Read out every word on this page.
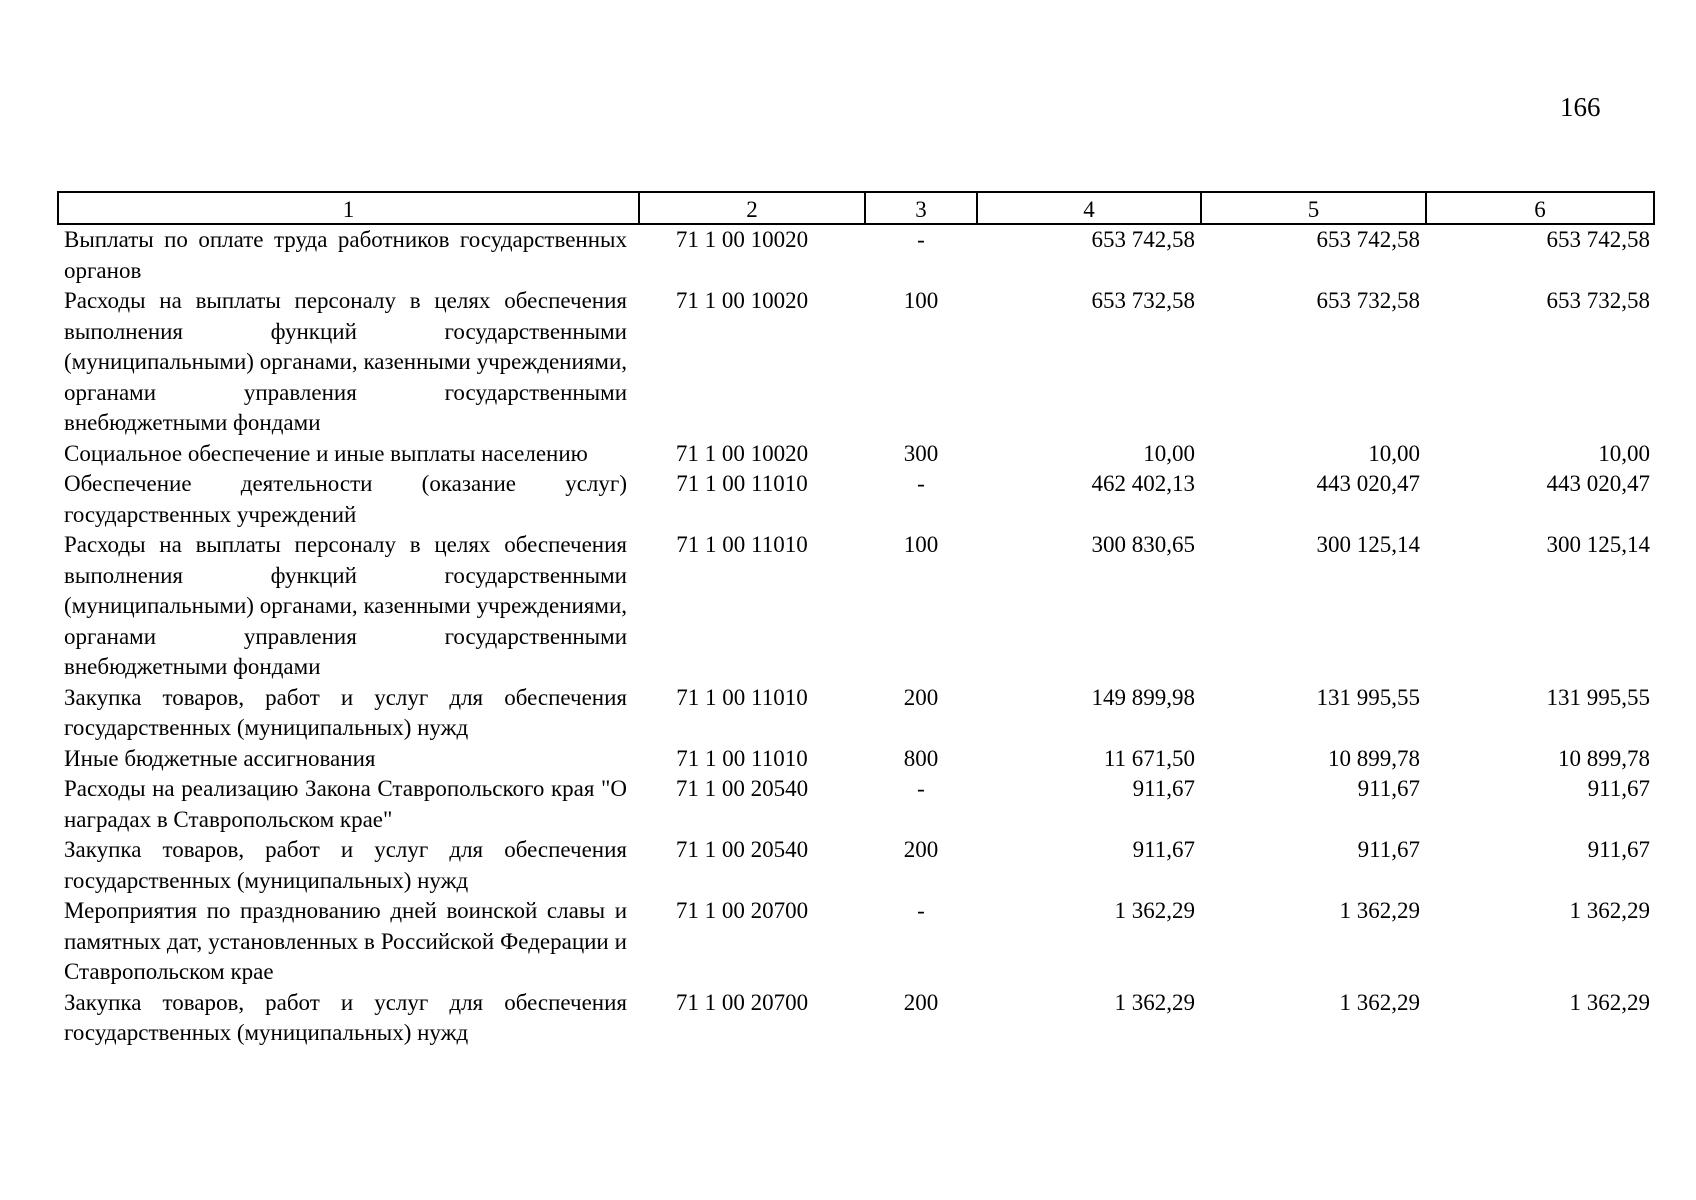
166
1	2	3	4	5	6

Выплаты по оплате труда работников государственных органов	71 1 00 10020	-	653 742,58	653 742,58	653 742,58

Расходы на выплаты персоналу в целях обеспечения выполнения функций государственными (муниципальными) органами, казенными учреждениями, органами управления государственными внебюджетными фондами	71 1 00 10020	100	653 732,58	653 732,58	653 732,58

Социальное обеспечение и иные выплаты населению	71 1 00 10020	300	10,00	10,00	10,00

Обеспечение деятельности (оказание услуг) государственных учреждений	71 1 00 11010	-	462 402,13	443 020,47	443 020,47

Расходы на выплаты персоналу в целях обеспечения выполнения функций государственными (муниципальными) органами, казенными учреждениями, органами управления государственными внебюджетными фондами	71 1 00 11010	100	300 830,65	300 125,14	300 125,14

Закупка товаров, работ и услуг для обеспечения государственных (муниципальных) нужд	71 1 00 11010	200	149 899,98	131 995,55	131 995,55

Иные бюджетные ассигнования	71 1 00 11010	800	11 671,50	10 899,78	10 899,78

Расходы на реализацию Закона Ставропольского края "О наградах в Ставропольском крае"	71 1 00 20540	-	911,67	911,67	911,67

Закупка товаров, работ и услуг для обеспечения государственных (муниципальных) нужд	71 1 00 20540	200	911,67	911,67	911,67

Мероприятия по празднованию дней воинской славы и памятных дат, установленных в Российской Федерации и Ставропольском крае	71 1 00 20700	-	1 362,29	1 362,29	1 362,29

Закупка товаров, работ и услуг для обеспечения государственных (муниципальных) нужд	71 1 00 20700	200	1 362,29	1 362,29	1 362,29
